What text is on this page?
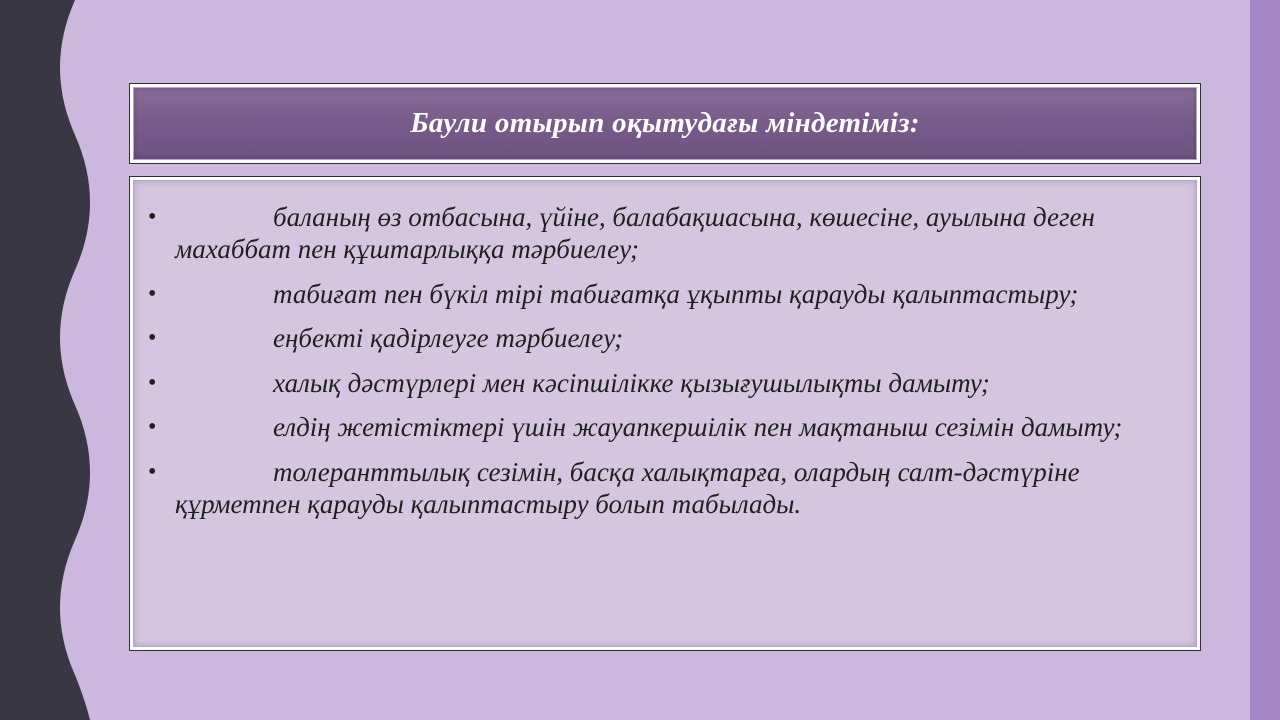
Баули отырып оқытудағы міндетіміз:
•	баланың өз отбасына, үйіне, балабақшасына, көшесіне, ауылына деген махаббат пен құштарлыққа тәрбиелеу;
•	табиғат пен бүкіл тірі табиғатқа ұқыпты қарауды қалыптастыру;
•	еңбекті қадірлеуге тәрбиелеу;
•	халық дәстүрлері мен кәсіпшілікке қызығушылықты дамыту;
•	елдің жетістіктері үшін жауапкершілік пен мақтаныш сезімін дамыту;
•	толеранттылық сезімін, басқа халықтарға, олардың салт-дәстүріне құрметпен қарауды қалыптастыру болып табылады.
